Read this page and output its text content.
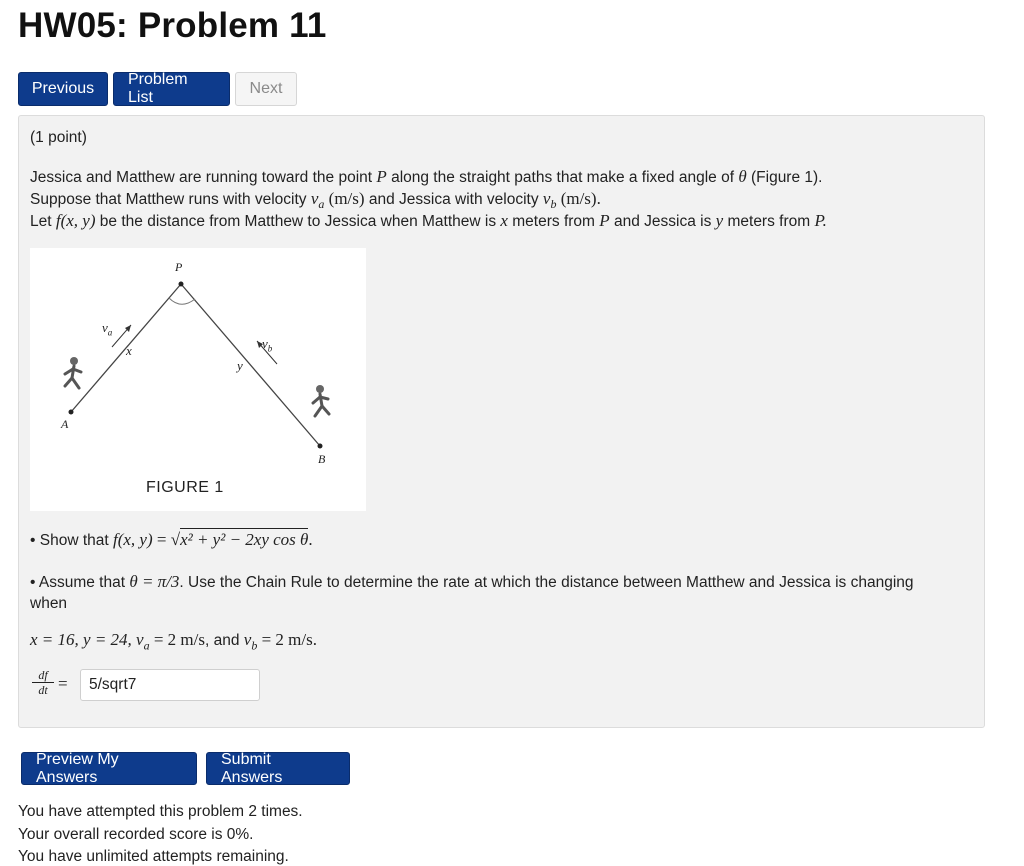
HW05: Problem 11
Previous
Problem List
Next
(1 point)
Jessica and Matthew are running toward the point P along the straight paths that make a fixed angle of θ (Figure 1).
Suppose that Matthew runs with velocity $v_a$ (m/s) and Jessica with velocity $v_b$ (m/s).
Let f(x, y) be the distance from Matthew to Jessica when Matthew is x meters from P and Jessica is y meters from P.
P
A
B
x
y
$v_a$
$v_b$
FIGURE 1
• Show that f(x, y) = √x² + y² − 2xy cos θ.
• Assume that θ = π/3. Use the Chain Rule to determine the rate at which the distance between Matthew and Jessica is changing
when
x = 16, y = 24, $v_a = 2$ m/s, and $v_b = 2$ m/s.
df
dt =
5/sqrt7
Preview My Answers
Submit Answers
You have attempted this problem 2 times.
Your overall recorded score is 0%.
You have unlimited attempts remaining.
